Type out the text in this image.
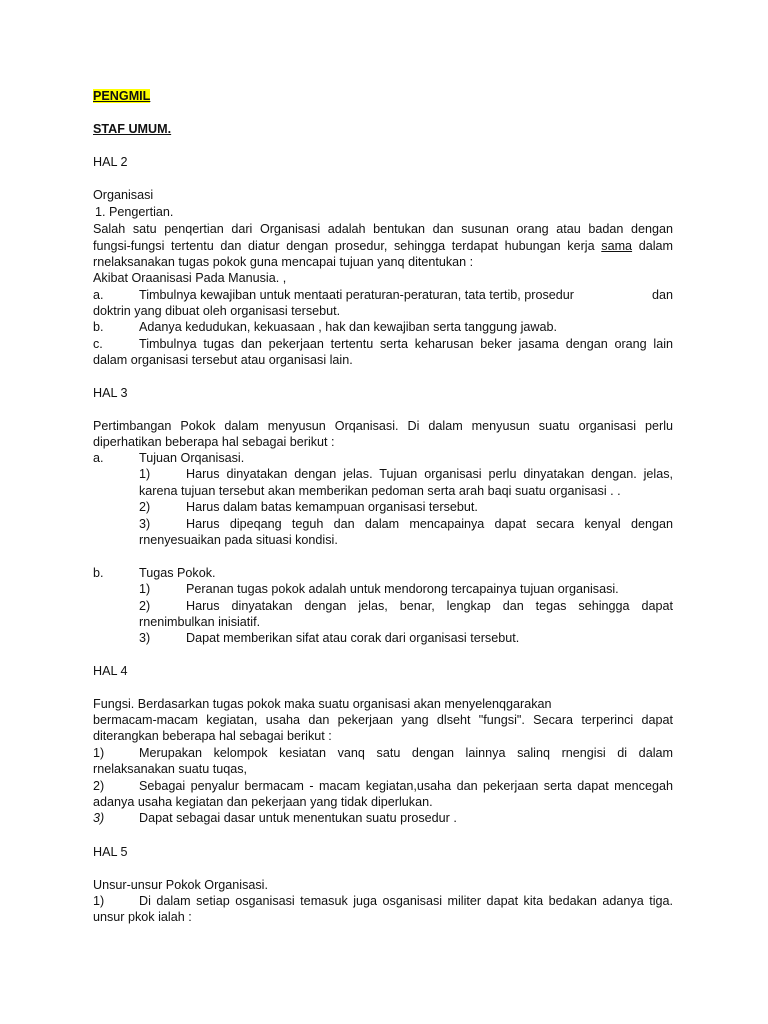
PENGMIL
STAF UMUM.
HAL 2
Organisasi
1. Pengertian.
Salah satu penqertian dari Organisasi adalah bentukan dan susunan orang atau badan dengan
fungsi-fungsi tertentu dan diatur dengan prosedur, sehingga terdapat hubungan kerja sama dalam
rnelaksanakan tugas pokok guna mencapai tujuan yanq ditentukan :
Akibat Oraanisasi Pada Manusia. ,
a.	Timbulnya kewajiban untuk mentaati peraturan-peraturan, tata tertib, prosedur	dan
doktrin yang dibuat oleh organisasi tersebut.
b.	Adanya kedudukan, kekuasaan , hak dan kewajiban serta tanggung jawab.
c.	Timbulnya tugas dan pekerjaan tertentu serta keharusan beker jasama dengan orang lain
dalam organisasi tersebut atau organisasi lain.
HAL 3
Pertimbangan Pokok dalam menyusun Orqanisasi. Di dalam menyusun suatu organisasi perlu
diperhatikan beberapa hal sebagai berikut :
a.	Tujuan Orqanisasi.
1)	Harus dinyatakan dengan jelas. Tujuan organisasi perlu dinyatakan dengan. jelas,
karena tujuan tersebut akan memberikan pedoman serta arah baqi suatu organisasi . .
2)	Harus dalam batas kemampuan organisasi tersebut.
3)	Harus dipeqang teguh dan dalam mencapainya dapat secara kenyal dengan
rnenyesuaikan pada situasi kondisi.
b.	Tugas Pokok.
1)	Peranan tugas pokok adalah untuk mendorong tercapainya tujuan organisasi.
2)	Harus dinyatakan dengan jelas, benar, lengkap dan tegas sehingga dapat
rnenimbulkan inisiatif.
3)	Dapat memberikan sifat atau corak dari organisasi tersebut.
HAL 4
Fungsi. Berdasarkan tugas pokok maka suatu organisasi akan menyelenqgarakan
bermacam-macam kegiatan, usaha dan pekerjaan yang dlseht "fungsi". Secara terperinci dapat
diterangkan beberapa hal sebagai berikut :
1)	Merupakan kelompok kesiatan vanq satu dengan lainnya salinq rnengisi di dalam
rnelaksanakan suatu tuqas,
2)	Sebagai penyalur bermacam - macam kegiatan,usaha dan pekerjaan serta dapat mencegah
adanya usaha kegiatan dan pekerjaan yang tidak diperlukan.
3)	Dapat sebagai dasar untuk menentukan suatu prosedur .
HAL 5
Unsur-unsur Pokok Organisasi.
1)	Di dalam setiap osganisasi temasuk juga osganisasi militer dapat kita bedakan adanya tiga.
unsur pkok ialah :
